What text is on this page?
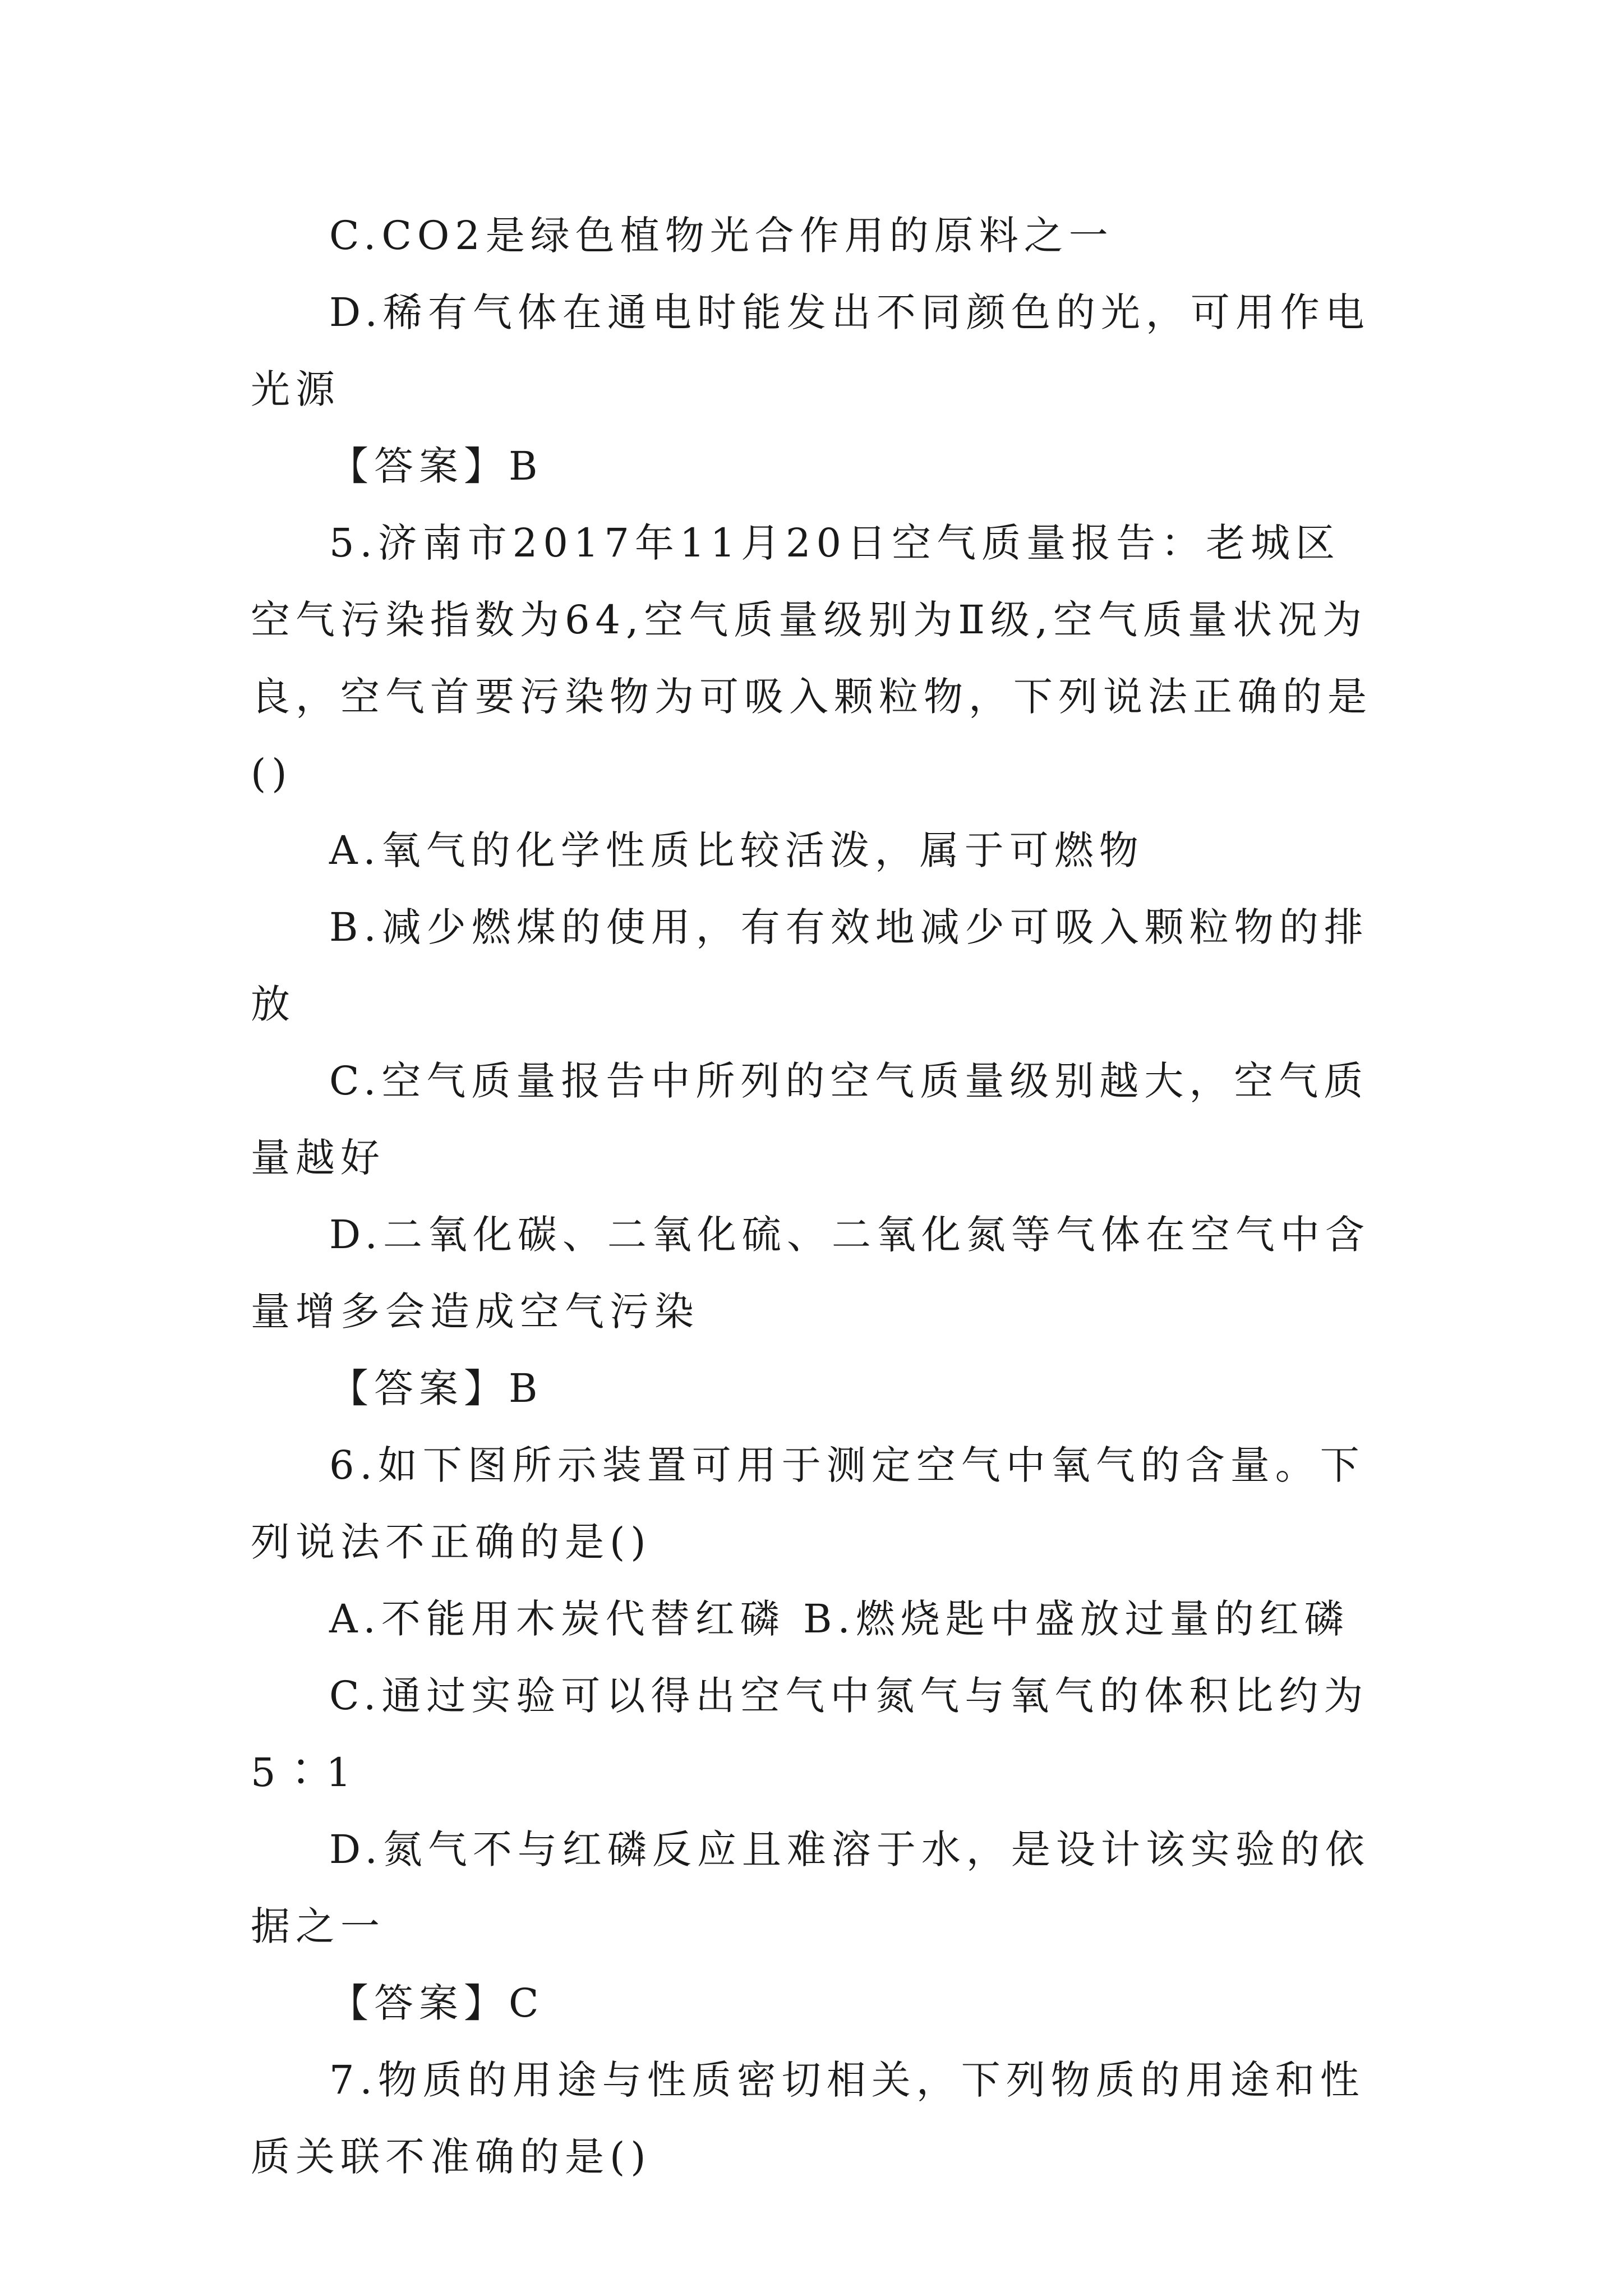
C.CO2是绿色植物光合作用的原料之一

D.稀有气体在通电时能发出不同颜色的光，可用作电光源

【答案】B

5.济南市2017年11月20日空气质量报告：老城区空气污染指数为64,空气质量级别为Ⅱ级,空气质量状况为良，空气首要污染物为可吸入颗粒物，下列说法正确的是()

A.氧气的化学性质比较活泼，属于可燃物

B.减少燃煤的使用，有有效地减少可吸入颗粒物的排放

C.空气质量报告中所列的空气质量级别越大，空气质量越好

D.二氧化碳、二氧化硫、二氧化氮等气体在空气中含量增多会造成空气污染

【答案】B

6.如下图所示装置可用于测定空气中氧气的含量。下列说法不正确的是()

A.不能用木炭代替红磷 B.燃烧匙中盛放过量的红磷

C.通过实验可以得出空气中氮气与氧气的体积比约为5∶1

D.氮气不与红磷反应且难溶于水，是设计该实验的依据之一

【答案】C

7.物质的用途与性质密切相关，下列物质的用途和性质关联不准确的是()
